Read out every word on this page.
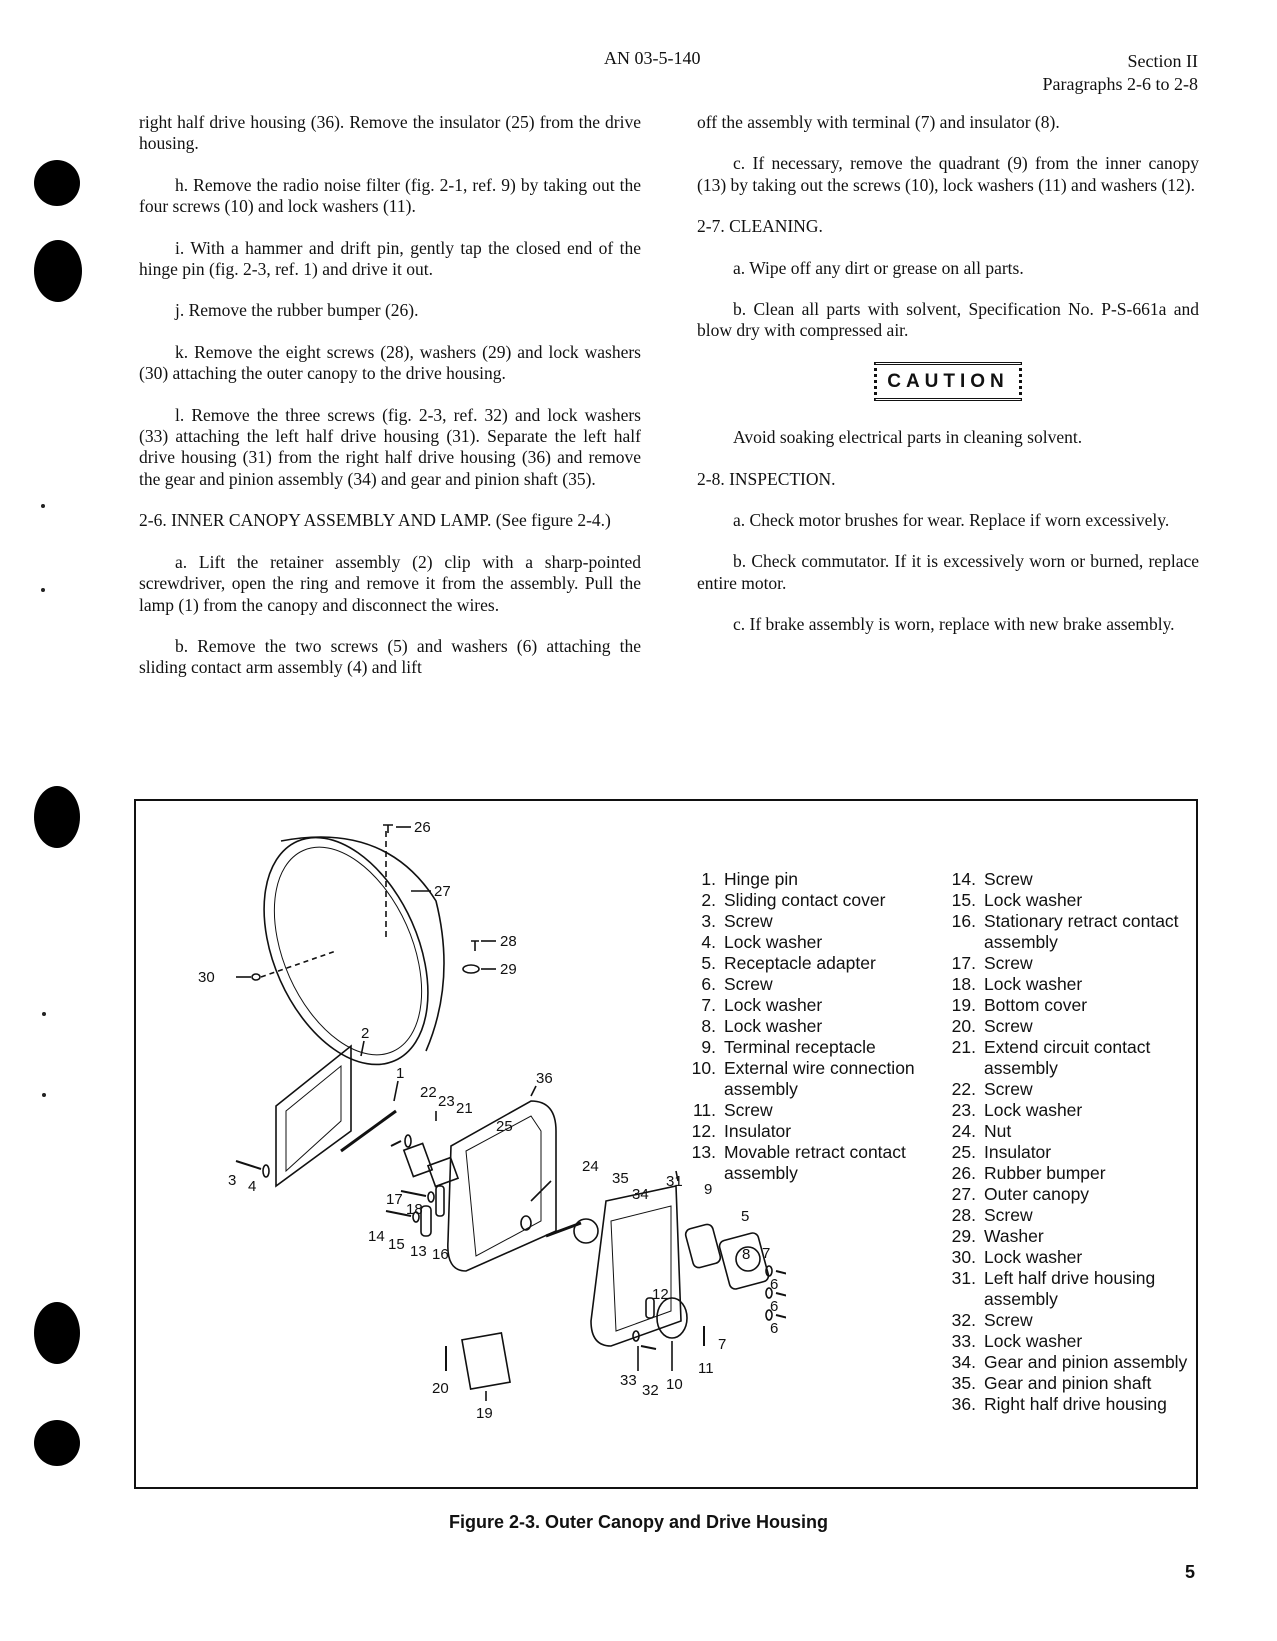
AN 03-5-140	Section II
Paragraphs 2-6 to 2-8

right half drive housing (36). Remove the insulator (25) from the drive housing.

h. Remove the radio noise filter (fig. 2-1, ref. 9) by taking out the four screws (10) and lock washers (11).

i. With a hammer and drift pin, gently tap the closed end of the hinge pin (fig. 2-3, ref. 1) and drive it out.

j. Remove the rubber bumper (26).

k. Remove the eight screws (28), washers (29) and lock washers (30) attaching the outer canopy to the drive housing.

l. Remove the three screws (fig. 2-3, ref. 32) and lock washers (33) attaching the left half drive housing (31). Separate the left half drive housing (31) from the right half drive housing (36) and remove the gear and pinion assembly (34) and gear and pinion shaft (35).

2-6. INNER CANOPY ASSEMBLY AND LAMP. (See figure 2-4.)

a. Lift the retainer assembly (2) clip with a sharp-pointed screwdriver, open the ring and remove it from the assembly. Pull the lamp (1) from the canopy and disconnect the wires.

b. Remove the two screws (5) and washers (6) attaching the sliding contact arm assembly (4) and lift

off the assembly with terminal (7) and insulator (8).

c. If necessary, remove the quadrant (9) from the inner canopy (13) by taking out the screws (10), lock washers (11) and washers (12).

2-7. CLEANING.

a. Wipe off any dirt or grease on all parts.

b. Clean all parts with solvent, Specification No. P-S-661a and blow dry with compressed air.

CAUTION

Avoid soaking electrical parts in cleaning solvent.

2-8. INSPECTION.

a. Check motor brushes for wear. Replace if worn excessively.

b. Check commutator. If it is excessively worn or burned, replace entire motor.

c. If brake assembly is worn, replace with new brake assembly.

26
27
28
29
30
2
1
22
23 21
25
36
3 4
17
18
14 15 13 16
24
35
34
31 9
5
8 7
6
6
6
7
12
33
32 10
11
20
19
1. Hinge pin
2. Sliding contact cover
3. Screw
4. Lock washer
5. Receptacle adapter
6. Screw
7. Lock washer
8. Lock washer
9. Terminal receptacle
10. External wire connection assembly
11. Screw
12. Insulator
13. Movable retract contact assembly
14. Screw
15. Lock washer
16. Stationary retract contact assembly
17. Screw
18. Lock washer
19. Bottom cover
20. Screw
21. Extend circuit contact assembly
22. Screw
23. Lock washer
24. Nut
25. Insulator
26. Rubber bumper
27. Outer canopy
28. Screw
29. Washer
30. Lock washer
31. Left half drive housing assembly
32. Screw
33. Lock washer
34. Gear and pinion assembly
35. Gear and pinion shaft
36. Right half drive housing
Figure 2-3. Outer Canopy and Drive Housing
5
